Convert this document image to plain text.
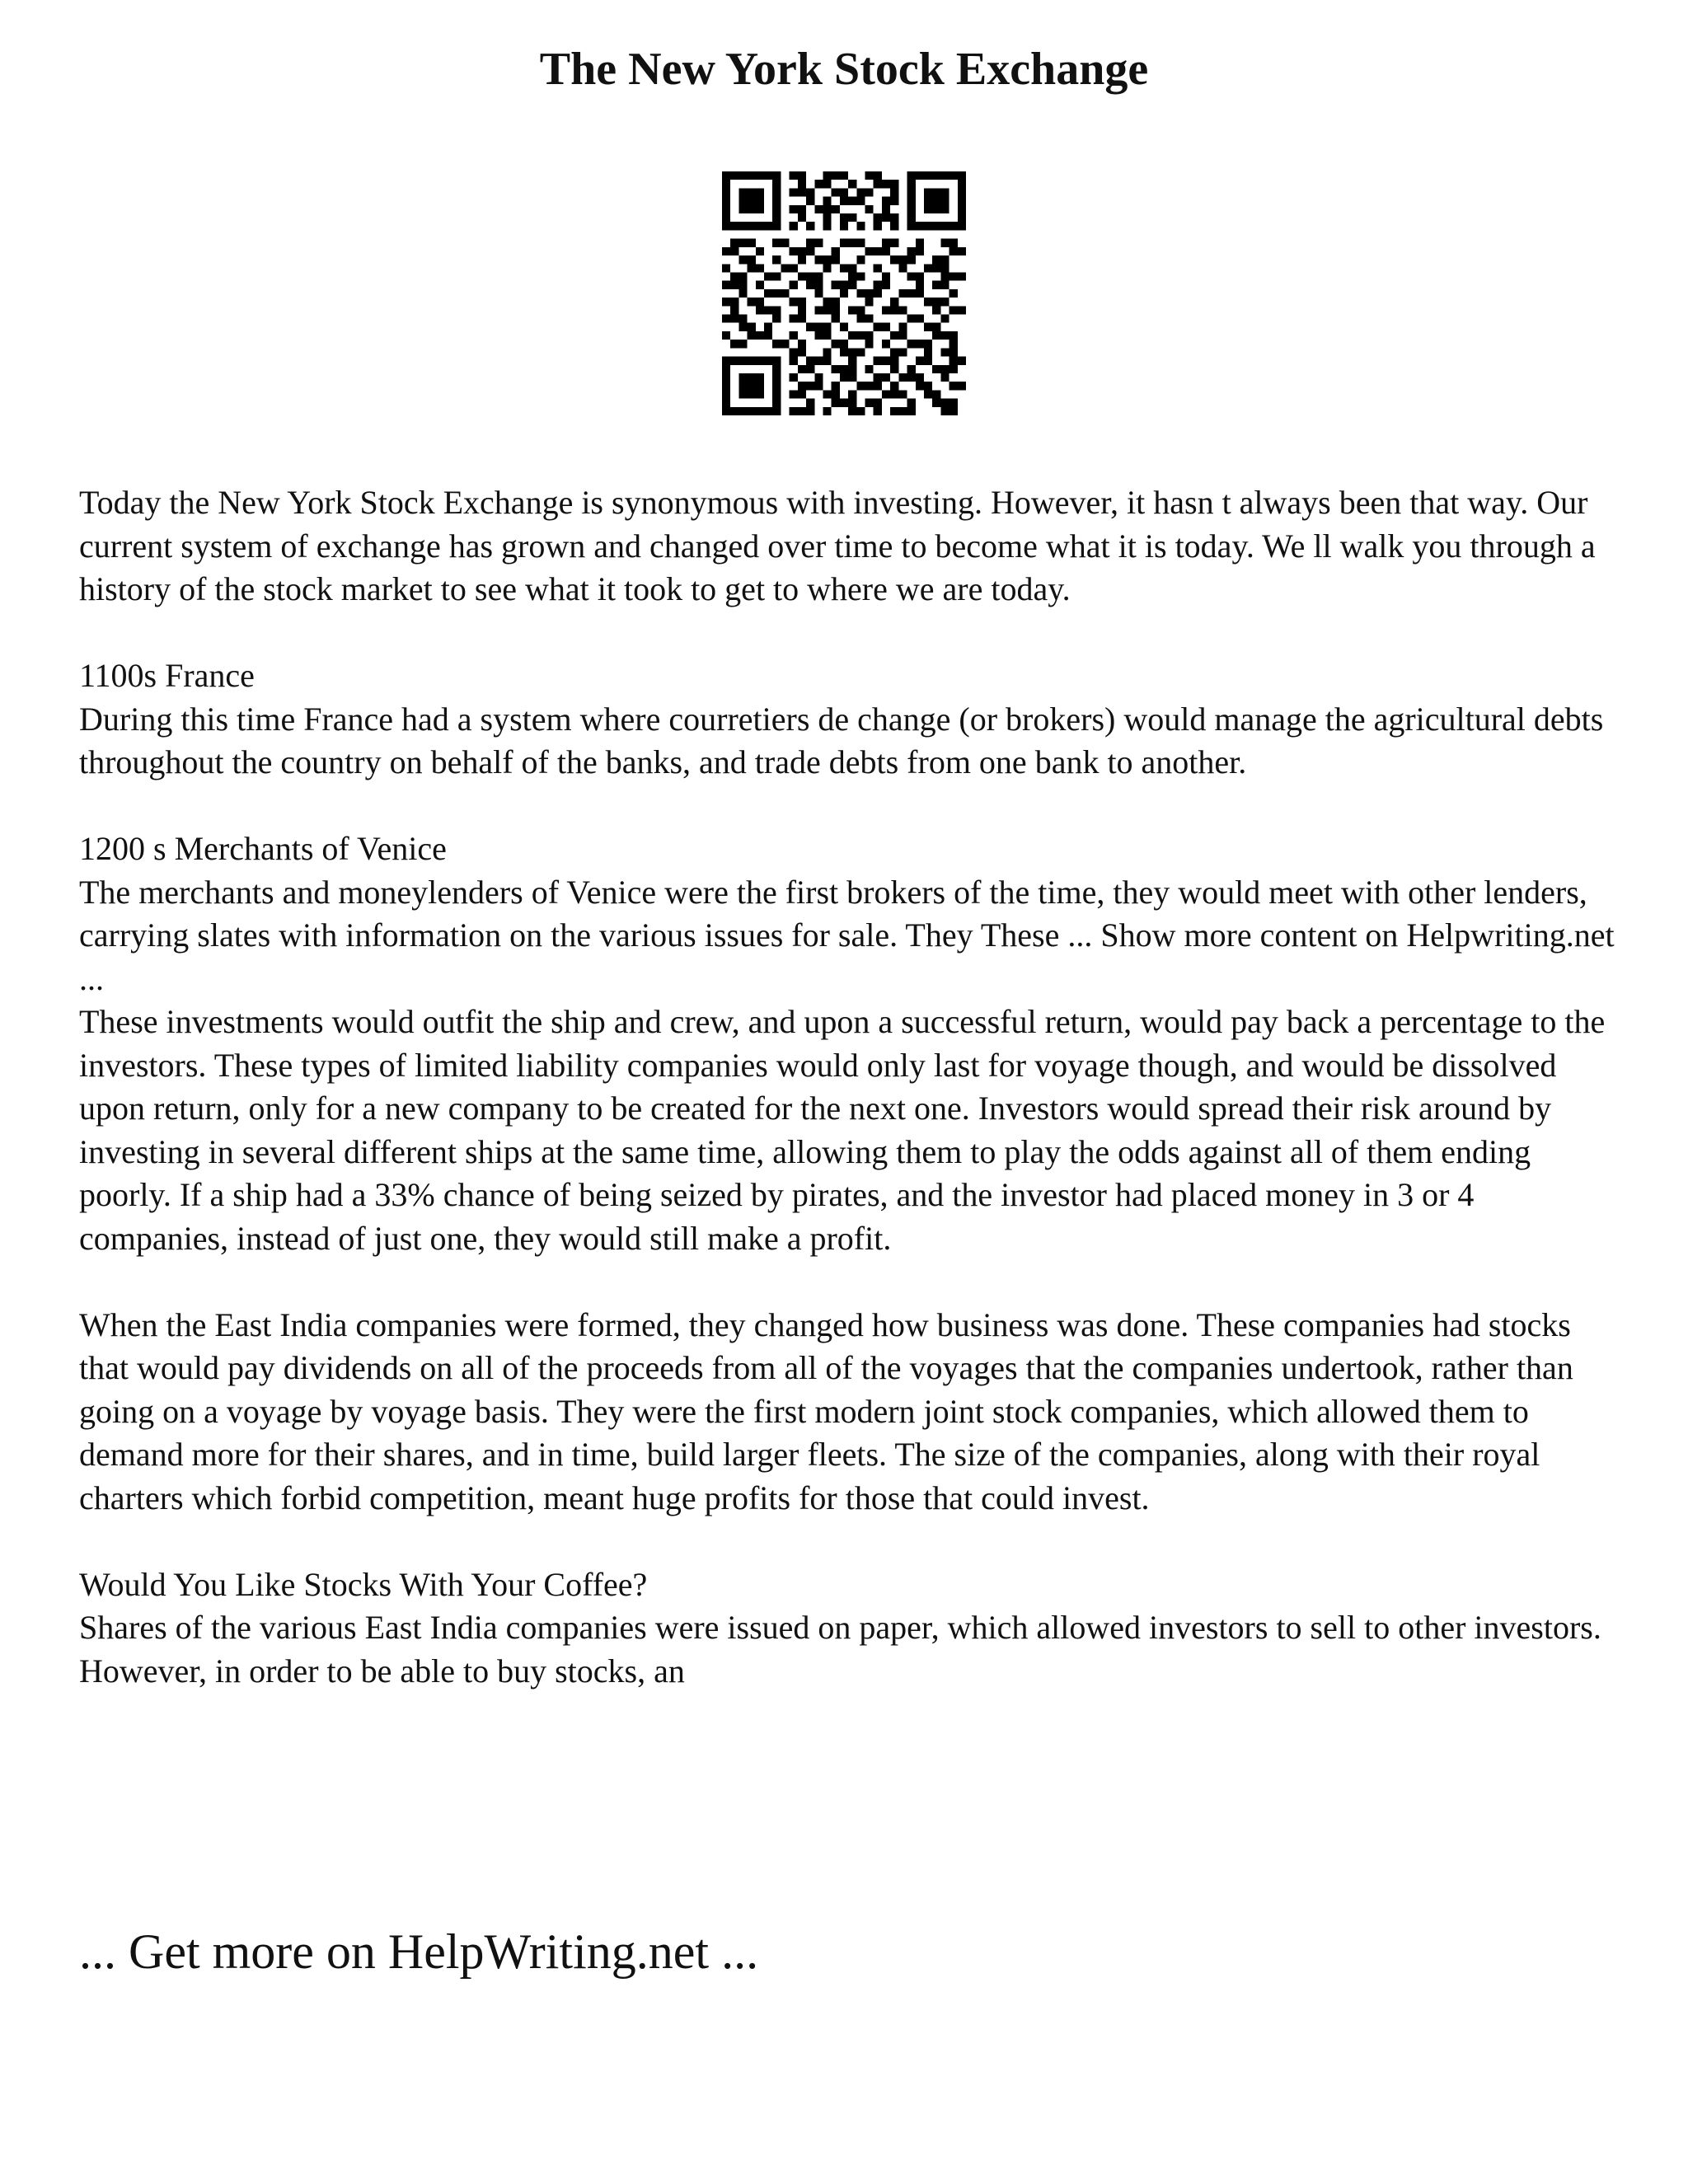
The New York Stock Exchange

Today the New York Stock Exchange is synonymous with investing. However, it hasn t always been that way. Our current system of exchange has grown and changed over time to become what it is today. We ll walk you through a history of the stock market to see what it took to get to where we are today.

1100s France

During this time France had a system where courretiers de change (or brokers) would manage the agricultural debts throughout the country on behalf of the banks, and trade debts from one bank to another.

1200 s Merchants of Venice

The merchants and moneylenders of Venice were the first brokers of the time, they would meet with other lenders, carrying slates with information on the various issues for sale. They These ... Show more content on Helpwriting.net ...

These investments would outfit the ship and crew, and upon a successful return, would pay back a percentage to the investors. These types of limited liability companies would only last for voyage though, and would be dissolved upon return, only for a new company to be created for the next one. Investors would spread their risk around by investing in several different ships at the same time, allowing them to play the odds against all of them ending poorly. If a ship had a 33% chance of being seized by pirates, and the investor had placed money in 3 or 4 companies, instead of just one, they would still make a profit.

When the East India companies were formed, they changed how business was done. These companies had stocks that would pay dividends on all of the proceeds from all of the voyages that the companies undertook, rather than going on a voyage by voyage basis. They were the first modern joint stock companies, which allowed them to demand more for their shares, and in time, build larger fleets. The size of the companies, along with their royal charters which forbid competition, meant huge profits for those that could invest.

Would You Like Stocks With Your Coffee?

Shares of the various East India companies were issued on paper, which allowed investors to sell to other investors. However, in order to be able to buy stocks, an

... Get more on HelpWriting.net ...
